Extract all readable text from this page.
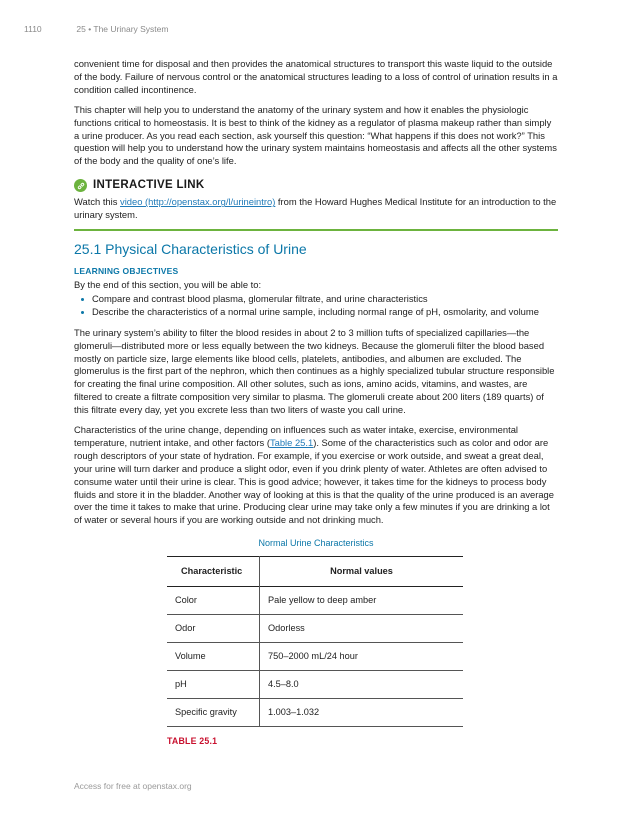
1110	25 • The Urinary System

convenient time for disposal and then provides the anatomical structures to transport this waste liquid to the outside of the body. Failure of nervous control or the anatomical structures leading to a loss of control of urination results in a condition called incontinence.

This chapter will help you to understand the anatomy of the urinary system and how it enables the physiologic functions critical to homeostasis. It is best to think of the kidney as a regulator of plasma makeup rather than simply a urine producer. As you read each section, ask yourself this question: “What happens if this does not work?” This question will help you to understand how the urinary system maintains homeostasis and affects all the other systems of the body and the quality of one’s life.

INTERACTIVE LINK

Watch this video (http://openstax.org/l/urineintro) from the Howard Hughes Medical Institute for an introduction to the urinary system.

25.1 Physical Characteristics of Urine
LEARNING OBJECTIVES

By the end of this section, you will be able to:

Compare and contrast blood plasma, glomerular filtrate, and urine characteristics
Describe the characteristics of a normal urine sample, including normal range of pH, osmolarity, and volume

The urinary system’s ability to filter the blood resides in about 2 to 3 million tufts of specialized capillaries—the glomeruli—distributed more or less equally between the two kidneys. Because the glomeruli filter the blood based mostly on particle size, large elements like blood cells, platelets, antibodies, and albumen are excluded. The glomerulus is the first part of the nephron, which then continues as a highly specialized tubular structure responsible for creating the final urine composition. All other solutes, such as ions, amino acids, vitamins, and wastes, are filtered to create a filtrate composition very similar to plasma. The glomeruli create about 200 liters (189 quarts) of this filtrate every day, yet you excrete less than two liters of waste you call urine.

Characteristics of the urine change, depending on influences such as water intake, exercise, environmental temperature, nutrient intake, and other factors (Table 25.1). Some of the characteristics such as color and odor are rough descriptors of your state of hydration. For example, if you exercise or work outside, and sweat a great deal, your urine will turn darker and produce a slight odor, even if you drink plenty of water. Athletes are often advised to consume water until their urine is clear. This is good advice; however, it takes time for the kidneys to process body fluids and store it in the bladder. Another way of looking at this is that the quality of the urine produced is an average over the time it takes to make that urine. Producing clear urine may take only a few minutes if you are drinking a lot of water or several hours if you are working outside and not drinking much.

Normal Urine Characteristics
Characteristic	Normal values
Color	Pale yellow to deep amber
Odor	Odorless
Volume	750–2000 mL/24 hour
pH	4.5–8.0
Specific gravity	1.003–1.032
TABLE 25.1
Access for free at openstax.org
